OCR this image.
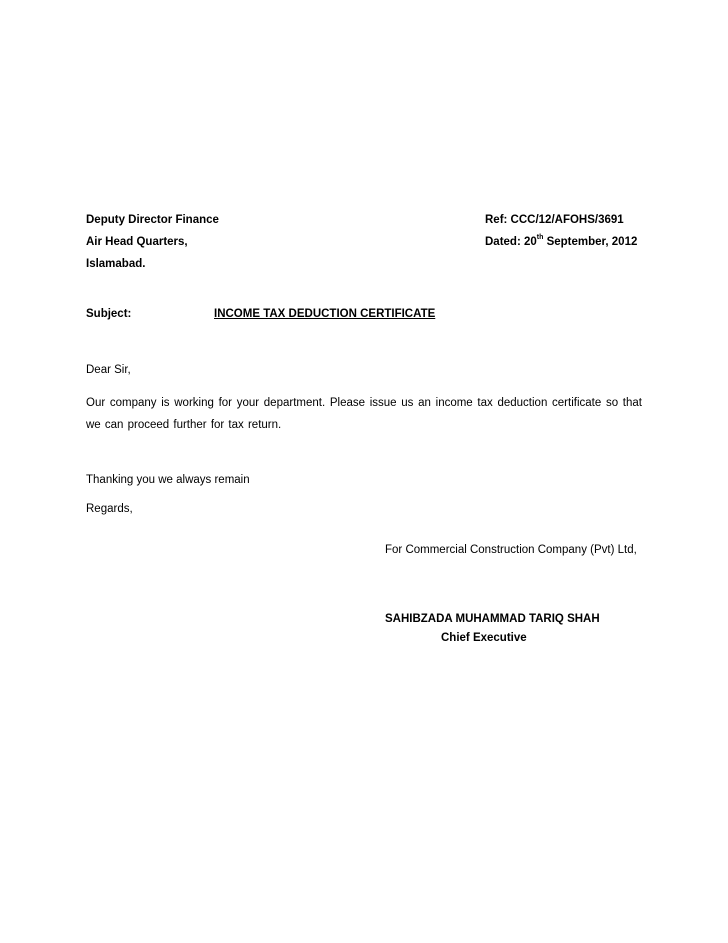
Deputy Director Finance
Air Head Quarters,
Islamabad.
Ref: CCC/12/AFOHS/3691
Dated: 20th September, 2012
Subject:	INCOME TAX DEDUCTION CERTIFICATE
Dear Sir,
Our company is working for your department. Please issue us an income tax deduction certificate so that we can proceed further for tax return.
Thanking you we always remain
Regards,
For Commercial Construction Company (Pvt) Ltd,
SAHIBZADA MUHAMMAD TARIQ SHAH
Chief Executive
